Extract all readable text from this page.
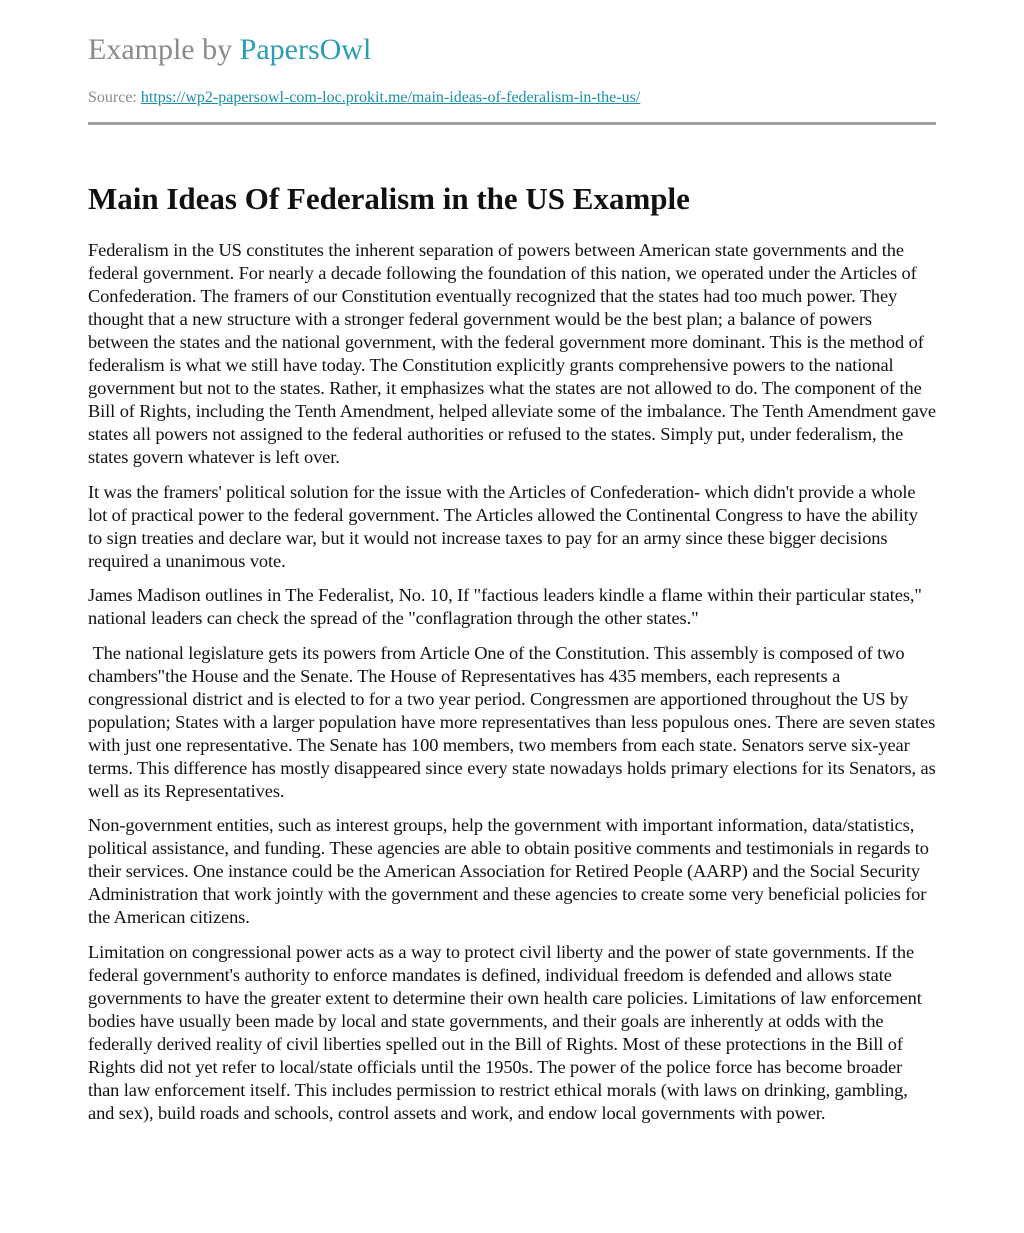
Example by PapersOwl
Source: https://wp2-papersowl-com-loc.prokit.me/main-ideas-of-federalism-in-the-us/
Main Ideas Of Federalism in the US Example

Federalism in the US constitutes the inherent separation of powers between American state governments and the federal government. For nearly a decade following the foundation of this nation, we operated under the Articles of Confederation. The framers of our Constitution eventually recognized that the states had too much power. They thought that a new structure with a stronger federal government would be the best plan; a balance of powers between the states and the national government, with the federal government more dominant. This is the method of federalism is what we still have today. The Constitution explicitly grants comprehensive powers to the national government but not to the states. Rather, it emphasizes what the states are not allowed to do. The component of the Bill of Rights, including the Tenth Amendment, helped alleviate some of the imbalance. The Tenth Amendment gave states all powers not assigned to the federal authorities or refused to the states. Simply put, under federalism, the states govern whatever is left over.

It was the framers' political solution for the issue with the Articles of Confederation- which didn't provide a whole lot of practical power to the federal government. The Articles allowed the Continental Congress to have the ability to sign treaties and declare war, but it would not increase taxes to pay for an army since these bigger decisions required a unanimous vote.

James Madison outlines in The Federalist, No. 10, If "factious leaders kindle a flame within their particular states," national leaders can check the spread of the "conflagration through the other states."

The national legislature gets its powers from Article One of the Constitution. This assembly is composed of two chambers"the House and the Senate. The House of Representatives has 435 members, each represents a congressional district and is elected to for a two year period. Congressmen are apportioned throughout the US by population; States with a larger population have more representatives than less populous ones. There are seven states with just one representative. The Senate has 100 members, two members from each state. Senators serve six-year terms. This difference has mostly disappeared since every state nowadays holds primary elections for its Senators, as well as its Representatives.

Non-government entities, such as interest groups, help the government with important information, data/statistics, political assistance, and funding. These agencies are able to obtain positive comments and testimonials in regards to their services. One instance could be the American Association for Retired People (AARP) and the Social Security Administration that work jointly with the government and these agencies to create some very beneficial policies for the American citizens.

Limitation on congressional power acts as a way to protect civil liberty and the power of state governments. If the federal government's authority to enforce mandates is defined, individual freedom is defended and allows state governments to have the greater extent to determine their own health care policies. Limitations of law enforcement bodies have usually been made by local and state governments, and their goals are inherently at odds with the federally derived reality of civil liberties spelled out in the Bill of Rights. Most of these protections in the Bill of Rights did not yet refer to local/state officials until the 1950s. The power of the police force has become broader than law enforcement itself. This includes permission to restrict ethical morals (with laws on drinking, gambling, and sex), build roads and schools, control assets and work, and endow local governments with power.
